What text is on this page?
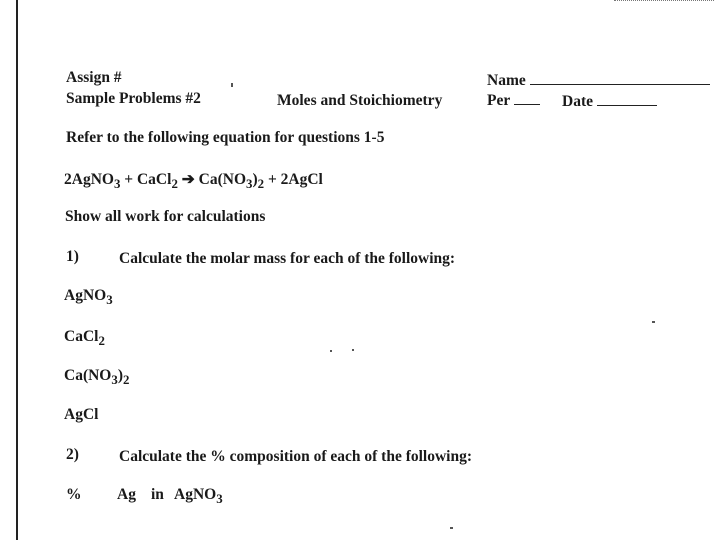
Assign #
Sample Problems #2	Moles and Stoichiometry
Name
Per	Date
Refer to the following equation for questions 1-5
2AgNO$_3$ + CaCl$_2$ ➔ $Ca(NO_3)_2$ + 2AgCl
Show all work for calculations
1)	Calculate the molar mass for each of the following:
AgNO$_3$
CaCl$_2$
$Ca(NO_3)_2$
AgCl
2)	Calculate the % composition of each of the following:
% Ag in AgNO$_3$
